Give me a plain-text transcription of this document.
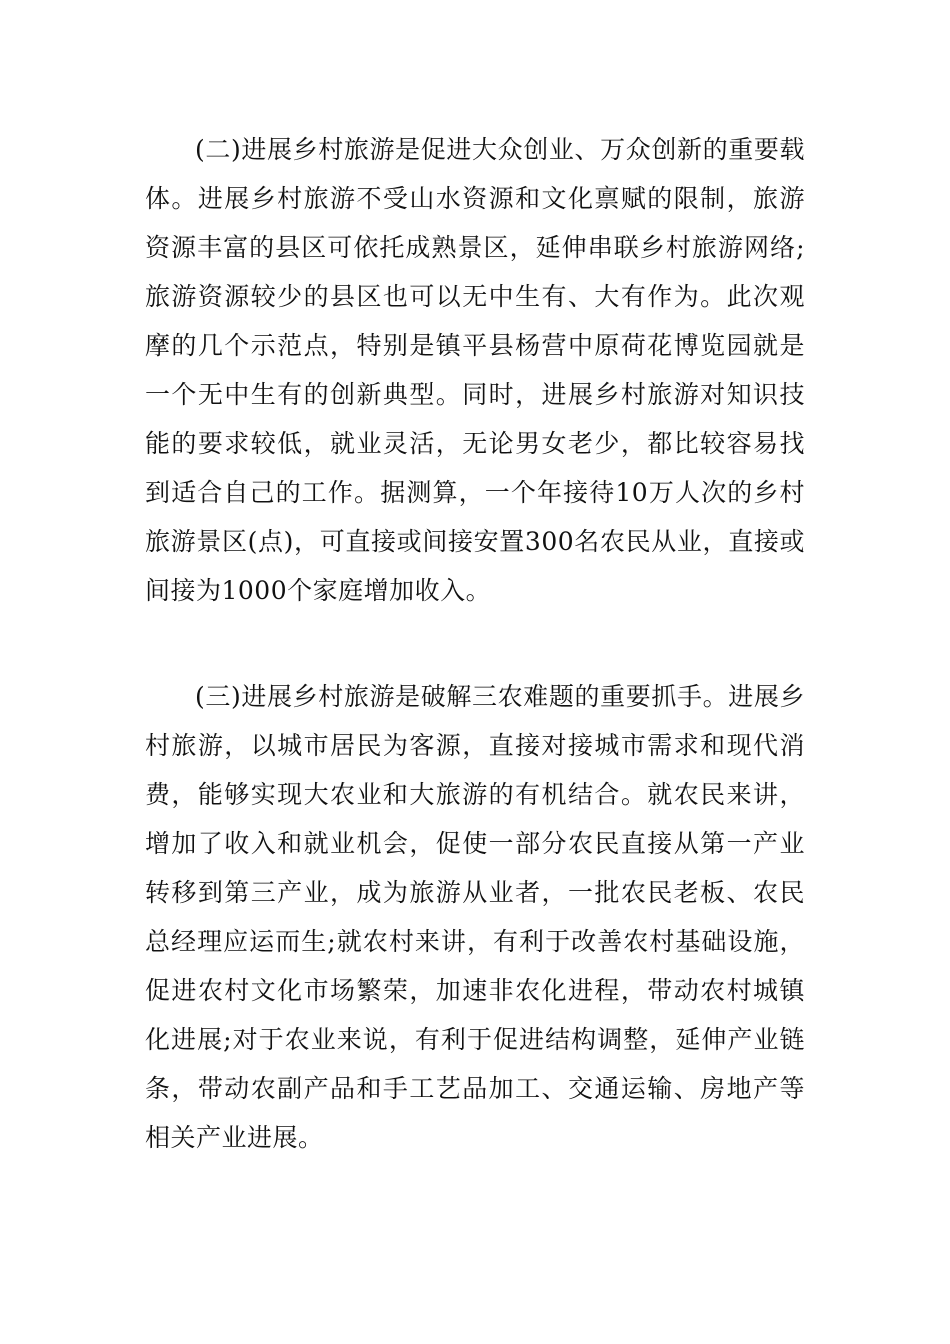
(二)进展乡村旅游是促进大众创业、万众创新的重要载体。进展乡村旅游不受山水资源和文化禀赋的限制，旅游资源丰富的县区可依托成熟景区，延伸串联乡村旅游网络;旅游资源较少的县区也可以无中生有、大有作为。此次观摩的几个示范点，特别是镇平县杨营中原荷花博览园就是一个无中生有的创新典型。同时，进展乡村旅游对知识技能的要求较低，就业灵活，无论男女老少，都比较容易找到适合自己的工作。据测算，一个年接待10万人次的乡村旅游景区(点)，可直接或间接安置300名农民从业，直接或间接为1000个家庭增加收入。

(三)进展乡村旅游是破解三农难题的重要抓手。进展乡村旅游，以城市居民为客源，直接对接城市需求和现代消费，能够实现大农业和大旅游的有机结合。就农民来讲，增加了收入和就业机会，促使一部分农民直接从第一产业转移到第三产业，成为旅游从业者，一批农民老板、农民总经理应运而生;就农村来讲，有利于改善农村基础设施，促进农村文化市场繁荣，加速非农化进程，带动农村城镇化进展;对于农业来说，有利于促进结构调整，延伸产业链条，带动农副产品和手工艺品加工、交通运输、房地产等相关产业进展。
